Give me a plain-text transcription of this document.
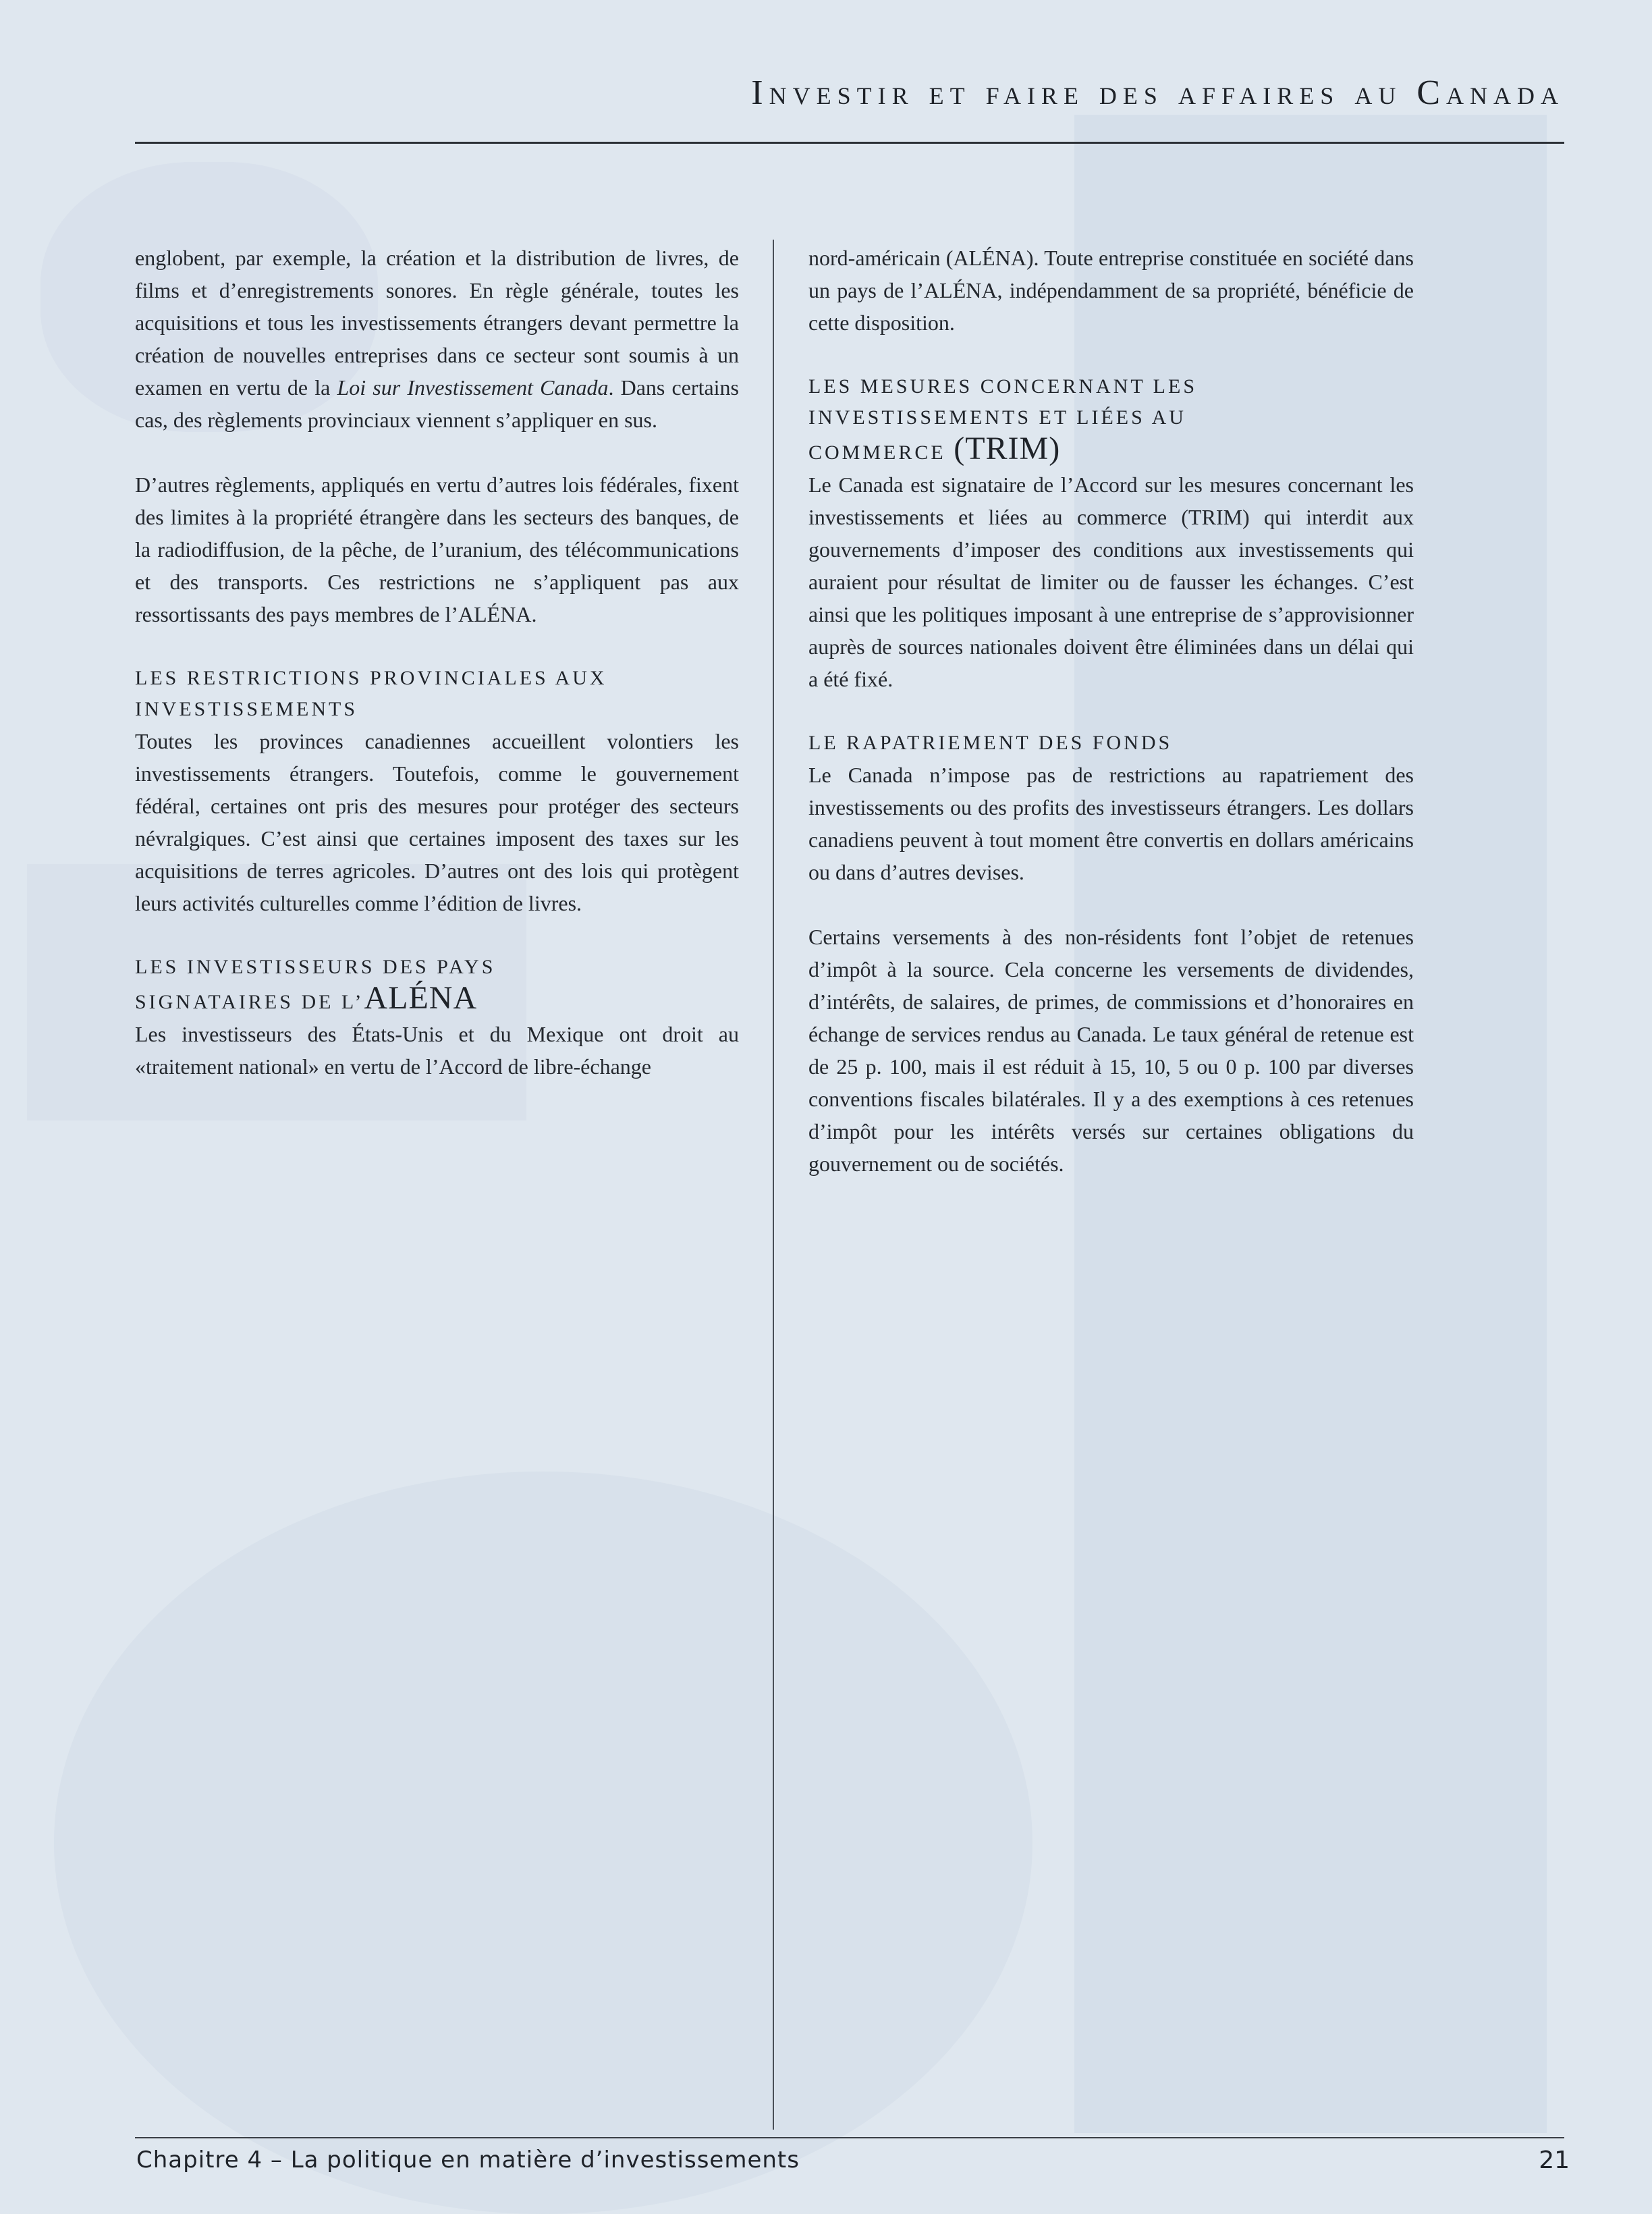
Investir et faire des affaires au Canada

englobent, par exemple, la création et la distribution de livres, de films et d’enregistrements sonores. En règle générale, toutes les acquisitions et tous les investissements étrangers devant permettre la création de nouvelles entreprises dans ce secteur sont soumis à un examen en vertu de la Loi sur Investissement Canada. Dans certains cas, des règlements provinciaux viennent s’appliquer en sus.

D’autres règlements, appliqués en vertu d’autres lois fédérales, fixent des limites à la propriété étrangère dans les secteurs des banques, de la radiodiffusion, de la pêche, de l’uranium, des télécommunications et des transports. Ces restrictions ne s’appliquent pas aux ressortissants des pays membres de l’ALÉNA.

LES RESTRICTIONS PROVINCIALES AUX
INVESTISSEMENTS

Toutes les provinces canadiennes accueillent volontiers les investissements étrangers. Toutefois, comme le gouvernement fédéral, certaines ont pris des mesures pour protéger des secteurs névralgiques. C’est ainsi que certaines imposent des taxes sur les acquisitions de terres agricoles. D’autres ont des lois qui protègent leurs activités culturelles comme l’édition de livres.

LES INVESTISSEURS DES PAYS
SIGNATAIRES DE L’ALÉNA

Les investisseurs des États-Unis et du Mexique ont droit au «traitement national» en vertu de l’Accord de libre-échange

nord-américain (ALÉNA). Toute entreprise constituée en société dans un pays de l’ALÉNA, indépendamment de sa propriété, bénéficie de cette disposition.

LES MESURES CONCERNANT LES
INVESTISSEMENTS ET LIÉES AU
COMMERCE (TRIM)

Le Canada est signataire de l’Accord sur les mesures concernant les investissements et liées au commerce (TRIM) qui interdit aux gouvernements d’imposer des conditions aux investissements qui auraient pour résultat de limiter ou de fausser les échanges. C’est ainsi que les politiques imposant à une entreprise de s’approvisionner auprès de sources nationales doivent être éliminées dans un délai qui a été fixé.

LE RAPATRIEMENT DES FONDS

Le Canada n’impose pas de restrictions au rapatriement des investissements ou des profits des investisseurs étrangers. Les dollars canadiens peuvent à tout moment être convertis en dollars américains ou dans d’autres devises.

Certains versements à des non-résidents font l’objet de retenues d’impôt à la source. Cela concerne les versements de dividendes, d’intérêts, de salaires, de primes, de commissions et d’honoraires en échange de services rendus au Canada. Le taux général de retenue est de 25 p. 100, mais il est réduit à 15, 10, 5 ou 0 p. 100 par diverses conventions fiscales bilatérales. Il y a des exemptions à ces retenues d’impôt pour les intérêts versés sur certaines obligations du gouvernement ou de sociétés.

Chapitre 4 – La politique en matière d’investissements	21
